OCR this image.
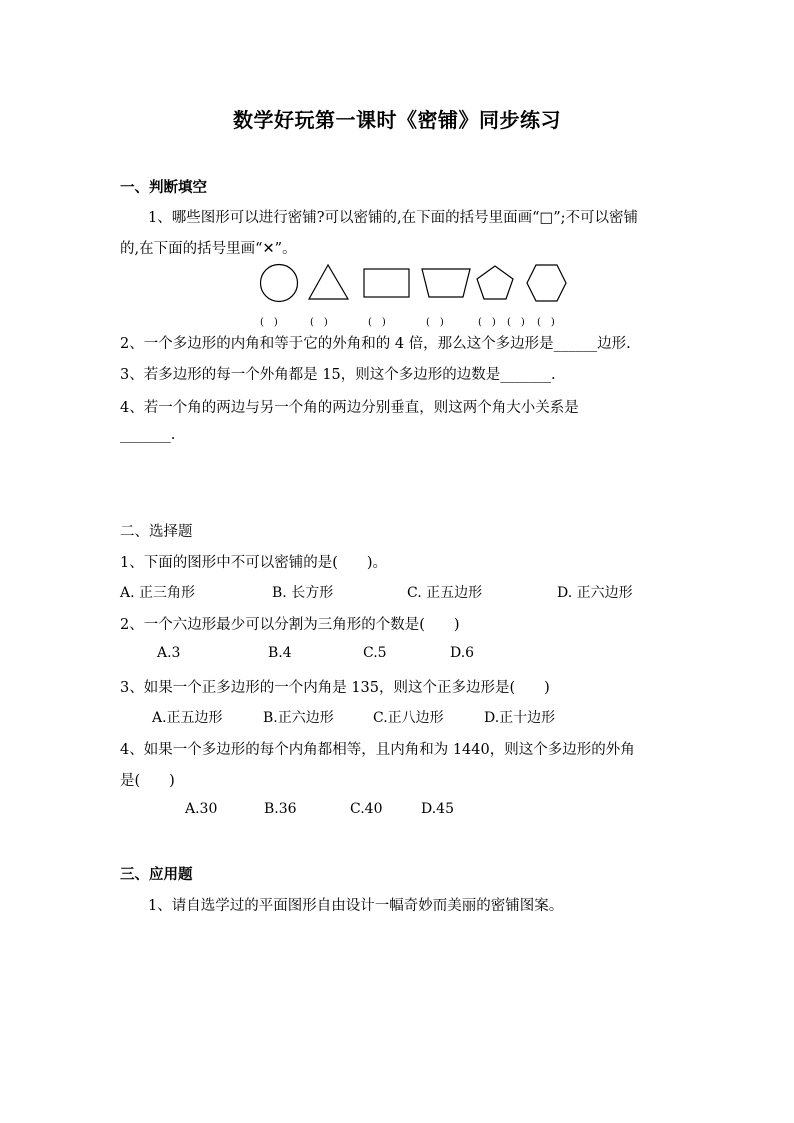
数学好玩第一课时《密铺》同步练习
一、判断填空
1、哪些图形可以进行密铺?可以密铺的,在下面的括号里面画“□”;不可以密铺
的,在下面的括号里画“✕”。
(　)	(　)	(　)	(　)	(　) (　) (　)
2、一个多边形的内角和等于它的外角和的 4 倍，那么这个多边形是______边形.
3、若多边形的每一个外角都是 15，则这个多边形的边数是_______.
4、若一个角的两边与另一个角的两边分别垂直，则这两个角大小关系是
_______.
二、选择题
1、下面的图形中不可以密铺的是(　　)。
A. 正三角形	B. 长方形	C. 正五边形	D. 正六边形
2、一个六边形最少可以分割为三角形的个数是(　　)
A.3	B.4	C.5	D.6
3、如果一个正多边形的一个内角是 135，则这个正多边形是(　　)
A.正五边形	B.正六边形	C.正八边形	D.正十边形
4、如果一个多边形的每个内角都相等，且内角和为 1440，则这个多边形的外角
是(　　)
A.30	B.36	C.40	D.45
三、应用题
1、请自选学过的平面图形自由设计一幅奇妙而美丽的密铺图案。
